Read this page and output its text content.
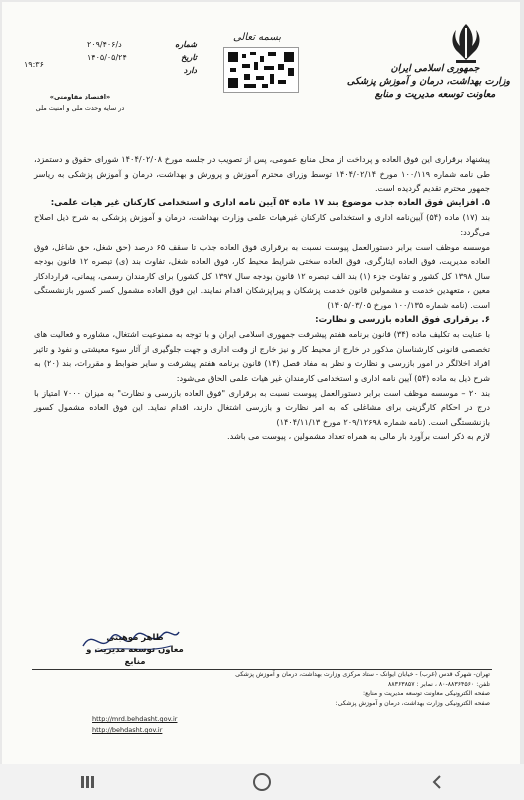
جمهوری اسلامی ایران
وزارت بهداشت، درمان و آموزش پزشکی
معاونت توسعه مدیریت و منابع
بسمه تعالی
شماره
د/۲۰۹/۴۰۶
تاریخ
۱۴۰۵/۰۵/۲۴
دارد
۱۹:۳۶
«اقتصاد مقاومتی»
در سایه وحدت ملی و امنیت ملی

پیشنهاد برقراری این فوق العاده و پرداخت از محل منابع عمومی، پس از تصویب در جلسه مورخ ۱۴۰۴/۰۲/۰۸ شورای حقوق و دستمزد، طی نامه شماره ۱۰۰/۱۱۹ مورخ ۱۴۰۴/۰۲/۱۴ توسط وزرای محترم آموزش و پرورش و بهداشت، درمان و آموزش پزشکی به ریاسر جمهور محترم تقدیم گردیده است.

۵. افزایش فوق العاده جذب موضوع بند ۱۷ ماده ۵۴ آیین نامه اداری و استخدامی کارکنان غیر هیات علمی:

بند (۱۷) ماده (۵۴) آیین‌نامه اداری و استخدامی کارکنان غیرهیات علمی وزارت بهداشت، درمان و آموزش پزشکی به شرح ذیل اصلاح می‌گردد:

موسسه موظف است برابر دستورالعمل پیوست نسبت به برقراری فوق العاده جذب تا سقف ۶۵ درصد (حق شغل، حق شاغل، فوق العاده مدیریت، فوق العاده ایثارگری، فوق العاده سختی شرایط محیط کار، فوق العاده شغل، تفاوت بند (ی) تبصره ۱۲ قانون بودجه سال ۱۳۹۸ کل کشور و تفاوت جزء (۱) بند الف تبصره ۱۲ قانون بودجه سال ۱۳۹۷ کل کشور) برای کارمندان رسمی، پیمانی، قراردادکار معین ، متعهدین خدمت و مشمولین قانون خدمت پزشکان و پیراپزشکان اقدام نمایند. این فوق العاده مشمول کسر کسور بازنشستگی است. (نامه شماره ۱۰۰/۱۳۵ مورخ ۱۴۰۵/۰۳/۰۵)

۶. برقراری فوق العاده بازرسی و نظارت:

با عنایت به تکلیف ماده (۳۴) قانون برنامه هفتم پیشرفت جمهوری اسلامی ایران و با توجه به ممنوعیت اشتغال، مشاوره و فعالیت های تخصصی قانونی کارشناسان مذکور در خارج از محیط کار و نیز خارج از وقت اداری و جهت جلوگیری از آثار سوء معیشتی و نفوذ و تاثیر افراد اخلالگر در امور بازرسی و نظارت و نظر به مفاد فصل (۱۴) قانون برنامه هفتم پیشرفت و سایر ضوابط و مقررات، بند (۲۰) به شرح ذیل به ماده (۵۴) آیین نامه اداری و استخدامی کارمندان غیر هیات علمی الحاق می‌شود:

بند ۲۰ – موسسه موظف است برابر دستورالعمل پیوست نسبت به برقراری "فوق العاده بازرسی و نظارت" به میزان ۷۰۰۰ امتیاز با درج در احکام کارگزینی برای مشاغلی که به امر نظارت و بازرسی اشتغال دارند، اقدام نماید. این فوق العاده مشمول کسور بازنشستگی است. (نامه شماره ۲۰۹/۱۲۶۹۸ مورخ ۱۴۰۴/۱۱/۱۳)

لازم به ذکر است برآورد بار مالی به همراه تعداد مشمولین ، پیوست می باشد.

طاهر موهبتی
معاون توسعه مدیریت و منابع
تهران- شهرک قدس (غرب) - خیابان ایوانک - ستاد مرکزی وزارت بهداشت، درمان و آموزش پزشکی
تلفن: ۸۸۳۶۴۵۶۰-۸۰ ، نمابر : ۸۸۳۶۳۸۵۷
صفحه الکترونیکی معاونت توسعه مدیریت و منابع:
صفحه الکترونیکی وزارت بهداشت، درمان و آموزش پزشکی:
http://mrd.behdasht.gov.ir
http://behdasht.gov.ir
